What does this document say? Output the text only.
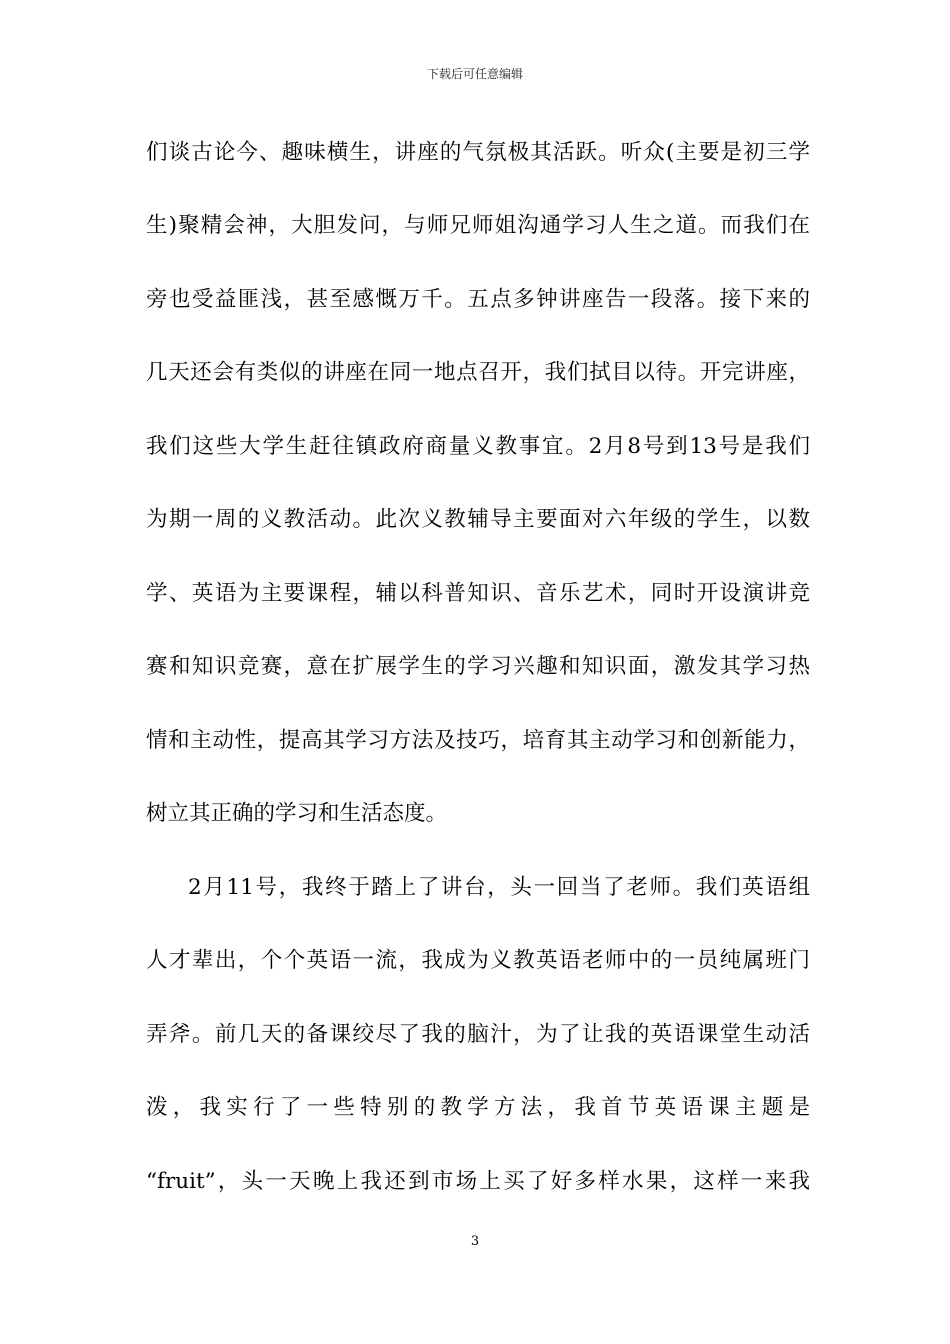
下载后可任意编辑
们谈古论今、趣味横生，讲座的气氛极其活跃。听众(主要是初三学
生)聚精会神，大胆发问，与师兄师姐沟通学习人生之道。而我们在
旁也受益匪浅，甚至感慨万千。五点多钟讲座告一段落。接下来的
几天还会有类似的讲座在同一地点召开，我们拭目以待。开完讲座，
我们这些大学生赶往镇政府商量义教事宜。2月8号到13号是我们
为期一周的义教活动。此次义教辅导主要面对六年级的学生，以数
学、英语为主要课程，辅以科普知识、音乐艺术，同时开设演讲竞
赛和知识竞赛，意在扩展学生的学习兴趣和知识面，激发其学习热
情和主动性，提高其学习方法及技巧，培育其主动学习和创新能力，
树立其正确的学习和生活态度。
2月11号，我终于踏上了讲台，头一回当了老师。我们英语组
人才辈出，个个英语一流，我成为义教英语老师中的一员纯属班门
弄斧。前几天的备课绞尽了我的脑汁，为了让我的英语课堂生动活
泼，我实行了一些特别的教学方法，我首节英语课主题是
“fruit”，头一天晚上我还到市场上买了好多样水果，这样一来我
3
